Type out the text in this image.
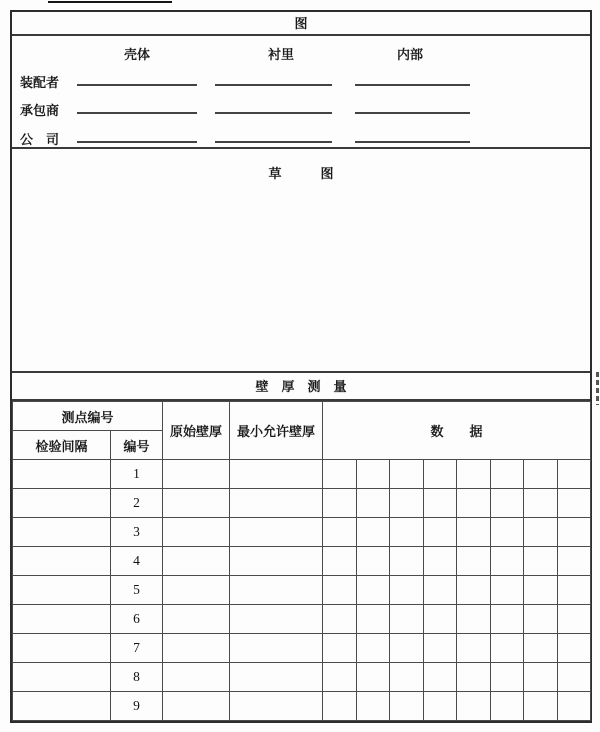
图
壳体	衬里	内部
装配者
承包商
公　司
草　　　图
壁　厚　测　量
测点编号		原始壁厚	最小允许壁厚	数　　据							
检验间隔	编号										
	1										
	2										
	3										
	4										
	5										
	6										
	7										
	8										
	9										
